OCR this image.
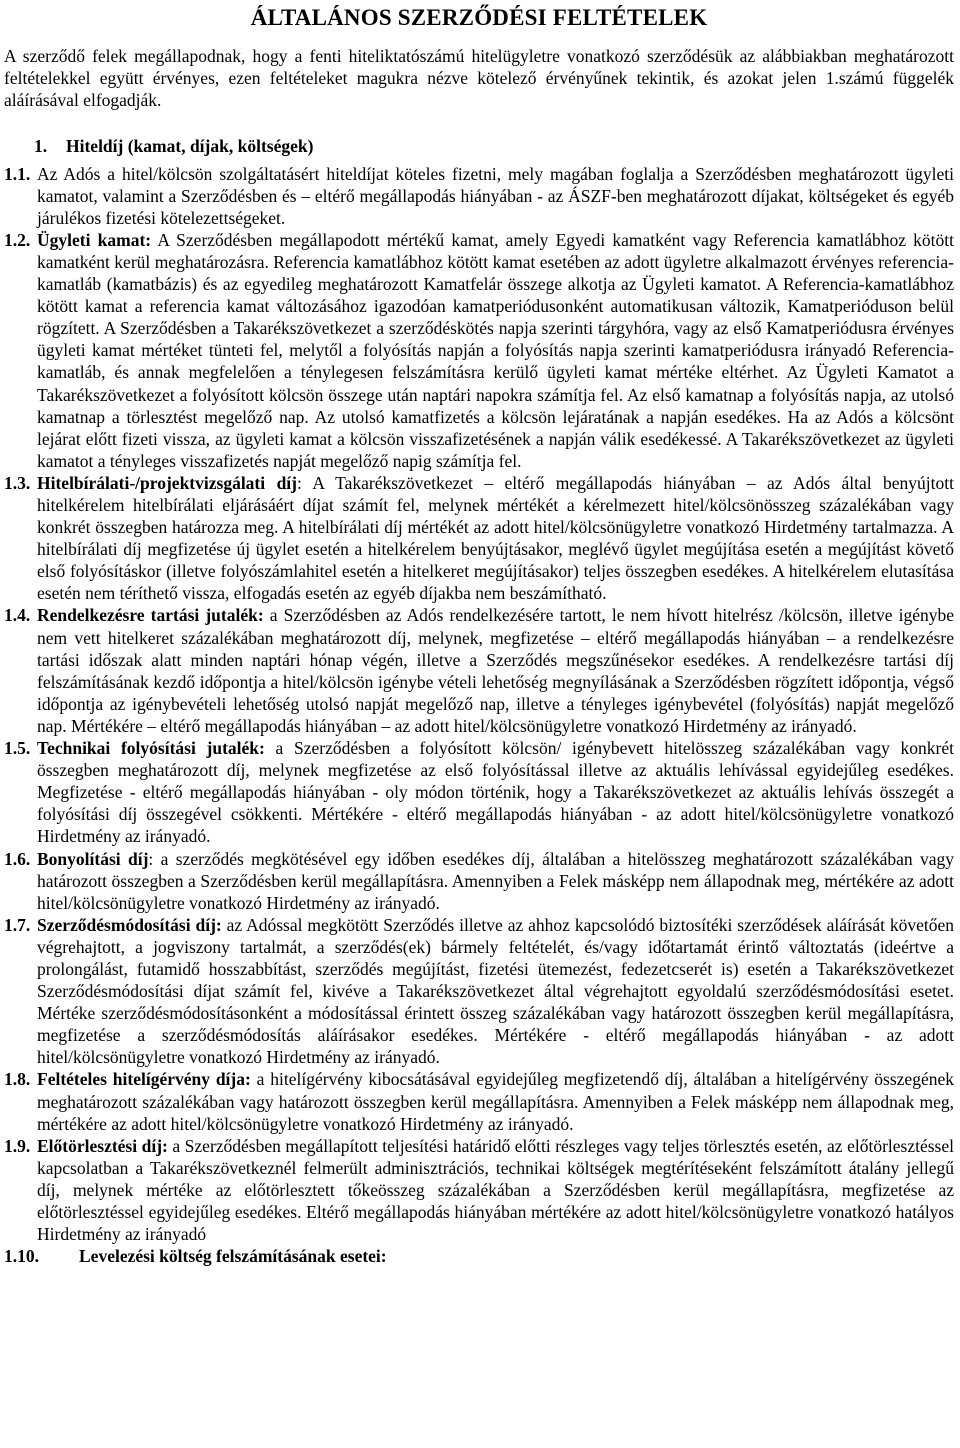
ÁLTALÁNOS SZERZŐDÉSI FELTÉTELEK

A szerződő felek megállapodnak, hogy a fenti hiteliktatószámú hitelügyletre vonatkozó szerződésük az alábbiakban meghatározott feltételekkel együtt érvényes, ezen feltételeket magukra nézve kötelező érvényűnek tekintik, és azokat jelen 1.számú függelék aláírásával elfogadják.

1.	Hiteldíj (kamat, díjak, költségek)
1.1. Az Adós a hitel/kölcsön szolgáltatásért hiteldíjat köteles fizetni, mely magában foglalja a Szerződésben meghatározott ügyleti kamatot, valamint a Szerződésben és – eltérő megállapodás hiányában - az ÁSZF-ben meghatározott díjakat, költségeket és egyéb járulékos fizetési kötelezettségeket.
1.2. Ügyleti kamat: A Szerződésben megállapodott mértékű kamat, amely Egyedi kamatként vagy Referencia kamatlábhoz kötött kamatként kerül meghatározásra. Referencia kamatlábhoz kötött kamat esetében az adott ügyletre alkalmazott érvényes referencia-kamatláb (kamatbázis) és az egyedileg meghatározott Kamatfelár összege alkotja az Ügyleti kamatot. A Referencia-kamatlábhoz kötött kamat a referencia kamat változásához igazodóan kamatperiódusonként automatikusan változik, Kamatperióduson belül rögzített. A Szerződésben a Takarékszövetkezet a szerződéskötés napja szerinti tárgyhóra, vagy az első Kamatperiódusra érvényes ügyleti kamat mértéket tünteti fel, melytől a folyósítás napján a folyósítás napja szerinti kamatperiódusra irányadó Referencia-kamatláb, és annak megfelelően a ténylegesen felszámításra kerülő ügyleti kamat mértéke eltérhet. Az Ügyleti Kamatot a Takarékszövetkezet a folyósított kölcsön összege után naptári napokra számítja fel. Az első kamatnap a folyósítás napja, az utolsó kamatnap a törlesztést megelőző nap. Az utolsó kamatfizetés a kölcsön lejáratának a napján esedékes. Ha az Adós a kölcsönt lejárat előtt fizeti vissza, az ügyleti kamat a kölcsön visszafizetésének a napján válik esedékessé. A Takarékszövetkezet az ügyleti kamatot a tényleges visszafizetés napját megelőző napig számítja fel.
1.3. Hitelbírálati-/projektvizsgálati díj: A Takarékszövetkezet – eltérő megállapodás hiányában – az Adós által benyújtott hitelkérelem hitelbírálati eljárásáért díjat számít fel, melynek mértékét a kérelmezett hitel/kölcsönösszeg százalékában vagy konkrét összegben határozza meg. A hitelbírálati díj mértékét az adott hitel/kölcsönügyletre vonatkozó Hirdetmény tartalmazza. A hitelbírálati díj megfizetése új ügylet esetén a hitelkérelem benyújtásakor, meglévő ügylet megújítása esetén a megújítást követő első folyósításkor (illetve folyószámlahitel esetén a hitelkeret megújításakor) teljes összegben esedékes. A hitelkérelem elutasítása esetén nem téríthető vissza, elfogadás esetén az egyéb díjakba nem beszámítható.
1.4. Rendelkezésre tartási jutalék: a Szerződésben az Adós rendelkezésére tartott, le nem hívott hitelrész /kölcsön, illetve igénybe nem vett hitelkeret százalékában meghatározott díj, melynek, megfizetése – eltérő megállapodás hiányában – a rendelkezésre tartási időszak alatt minden naptári hónap végén, illetve a Szerződés megszűnésekor esedékes. A rendelkezésre tartási díj felszámításának kezdő időpontja a hitel/kölcsön igénybe vételi lehetőség megnyílásának a Szerződésben rögzített időpontja, végső időpontja az igénybevételi lehetőség utolsó napját megelőző nap, illetve a tényleges igénybevétel (folyósítás) napját megelőző nap. Mértékére – eltérő megállapodás hiányában – az adott hitel/kölcsönügyletre vonatkozó Hirdetmény az irányadó.
1.5. Technikai folyósítási jutalék: a Szerződésben a folyósított kölcsön/ igénybevett hitelösszeg százalékában vagy konkrét összegben meghatározott díj, melynek megfizetése az első folyósítással illetve az aktuális lehívással egyidejűleg esedékes. Megfizetése - eltérő megállapodás hiányában - oly módon történik, hogy a Takarékszövetkezet az aktuális lehívás összegét a folyósítási díj összegével csökkenti. Mértékére - eltérő megállapodás hiányában - az adott hitel/kölcsönügyletre vonatkozó Hirdetmény az irányadó.
1.6. Bonyolítási díj: a szerződés megkötésével egy időben esedékes díj, általában a hitelösszeg meghatározott százalékában vagy határozott összegben a Szerződésben kerül megállapításra. Amennyiben a Felek másképp nem állapodnak meg, mértékére az adott hitel/kölcsönügyletre vonatkozó Hirdetmény az irányadó.
1.7. Szerződésmódosítási díj: az Adóssal megkötött Szerződés illetve az ahhoz kapcsolódó biztosítéki szerződések aláírását követően végrehajtott, a jogviszony tartalmát, a szerződés(ek) bármely feltételét, és/vagy időtartamát érintő változtatás (ideértve a prolongálást, futamidő hosszabbítást, szerződés megújítást, fizetési ütemezést, fedezetcserét is) esetén a Takarékszövetkezet Szerződésmódosítási díjat számít fel, kivéve a Takarékszövetkezet által végrehajtott egyoldalú szerződésmódosítási esetet. Mértéke szerződésmódosításonként a módosítással érintett összeg százalékában vagy határozott összegben kerül megállapításra, megfizetése a szerződésmódosítás aláírásakor esedékes. Mértékére - eltérő megállapodás hiányában - az adott hitel/kölcsönügyletre vonatkozó Hirdetmény az irányadó.
1.8. Feltételes hitelígérvény díja: a hitelígérvény kibocsátásával egyidejűleg megfizetendő díj, általában a hitelígérvény összegének meghatározott százalékában vagy határozott összegben kerül megállapításra. Amennyiben a Felek másképp nem állapodnak meg, mértékére az adott hitel/kölcsönügyletre vonatkozó Hirdetmény az irányadó.
1.9. Előtörlesztési díj: a Szerződésben megállapított teljesítési határidő előtti részleges vagy teljes törlesztés esetén, az előtörlesztéssel kapcsolatban a Takarékszövetkeznél felmerült adminisztrációs, technikai költségek megtérítéseként felszámított átalány jellegű díj, melynek mértéke az előtörlesztett tőkeösszeg százalékában a Szerződésben kerül megállapításra, megfizetése az előtörlesztéssel egyidejűleg esedékes. Eltérő megállapodás hiányában mértékére az adott hitel/kölcsönügyletre vonatkozó hatályos Hirdetmény az irányadó
1.10.	Levelezési költség felszámításának esetei:
